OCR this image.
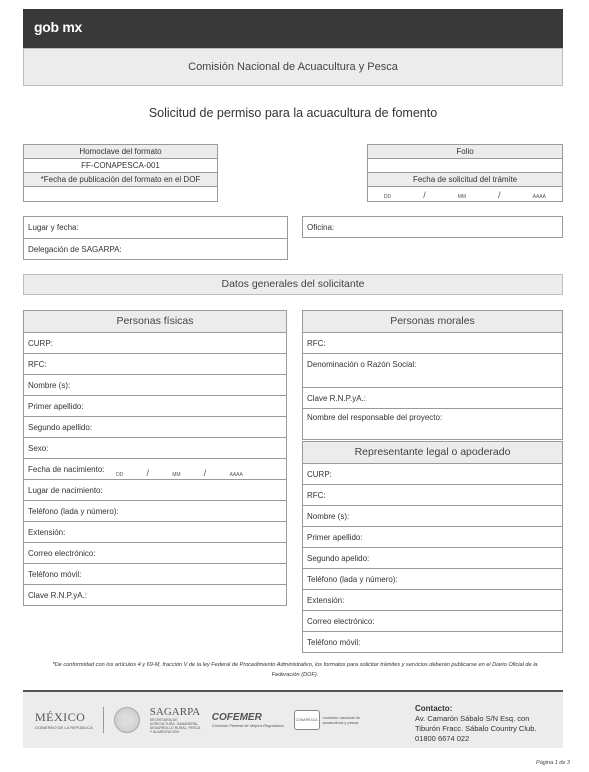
gob mx
Comisión Nacional de Acuacultura y Pesca
Solicitud de permiso para la acuacultura de fomento
Homoclave del formato
FF-CONAPESCA-001
*Fecha de publicación del formato en el DOF
Folio
Fecha de solicitud del trámite
DD	/	MM	/	AAAA
Lugar y fecha:
Delegación de SAGARPA:
Oficina:
Datos generales del solicitante
Personas físicas
CURP:
RFC:
Nombre (s):
Primer apellido:
Segundo apellido:
Sexo:
Fecha de nacimiento:
DD	/	MM	/	AAAA
Lugar de nacimiento:
Teléfono (lada y número):
Extensión:
Correo electrónico:
Teléfono móvil:
Clave R.N.P.yA.:
Personas morales
RFC:
Denominación o Razón Social:
Clave R.N.P.yA.:
Nombre del responsable del proyecto:
Representante legal o apoderado
CURP:
RFC:
Nombre (s):
Primer apellido:
Segundo apelido:
Teléfono (lada y número):
Extensión:
Correo electrónico:
Teléfono móvil:
*De conformidad con los artículos 4 y 69-M, fracción V de la ley Federal de Procedimiento Administrativo, los formatos para solicitar trámites y servicios deberán publicarse en el Diario Oficial de la Federación (DOF).
MÉXICO
GOBIERNO DE LA REPÚBLICA
SAGARPA
SECRETARÍA DE AGRICULTURA, GANADERÍA, DESARROLLO RURAL, PESCA Y ALIMENTACIÓN
COFEMER
Comisión Federal de Mejora Regulatoria
CONAPESCA	comisión nacional de acuacultura y pesca
Contacto:
Av. Camarón Sábalo S/N Esq. con
Tiburón Fracc. Sábalo Country Club.
01800 6674 022
Página 1 de 3
